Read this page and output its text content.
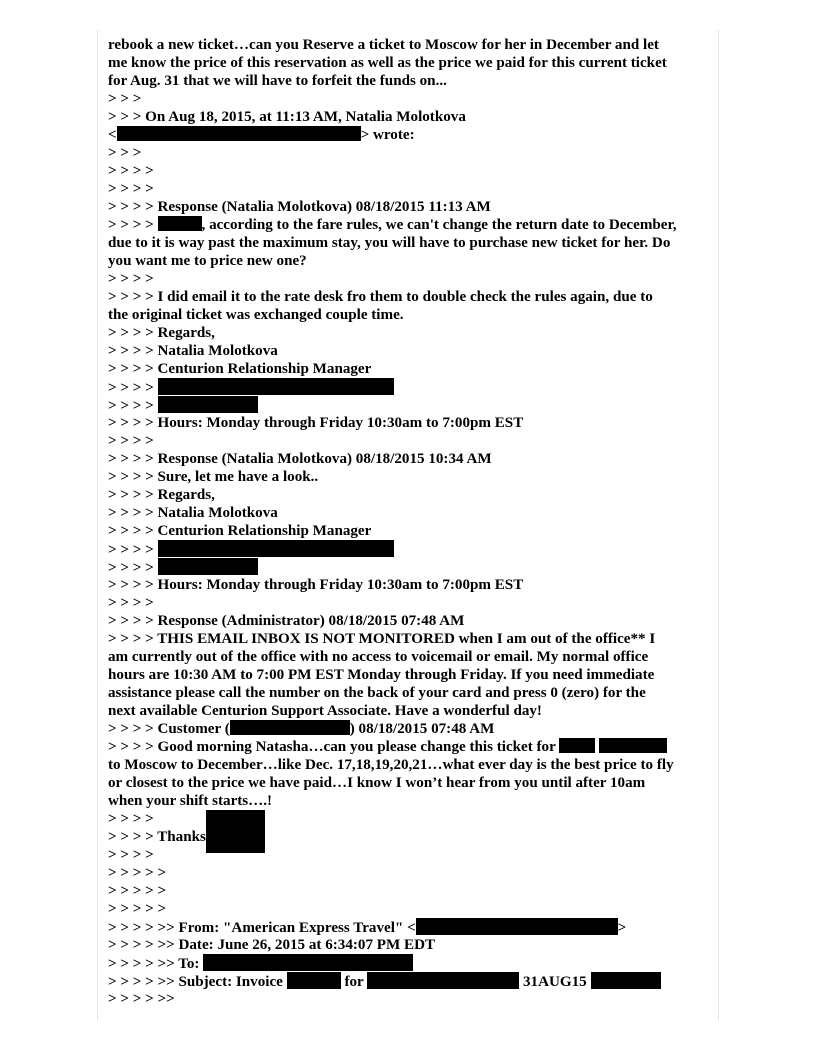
rebook a new ticket…can you Reserve a ticket to Moscow for her in December and let
me know the price of this reservation as well as the price we paid for this current ticket
for Aug. 31 that we will have to forfeit the funds on...
> > >
> > > On Aug 18, 2015, at 11:13 AM, Natalia Molotkova
<	> wrote:
> > >
> > > >
> > > >
> > > > Response (Natalia Molotkova) 08/18/2015 11:13 AM
> > > >	, according to the fare rules, we can't change the return date to December,
due to it is way past the maximum stay, you will have to purchase new ticket for her. Do
you want me to price new one?
> > > >
> > > > I did email it to the rate desk fro them to double check the rules again, due to
the original ticket was exchanged couple time.
> > > > Regards,
> > > > Natalia Molotkova
> > > > Centurion Relationship Manager
> > > >
> > > >
> > > > Hours: Monday through Friday 10:30am to 7:00pm EST
> > > >
> > > > Response (Natalia Molotkova) 08/18/2015 10:34 AM
> > > > Sure, let me have a look..
> > > > Regards,
> > > > Natalia Molotkova
> > > > Centurion Relationship Manager
> > > >
> > > >
> > > > Hours: Monday through Friday 10:30am to 7:00pm EST
> > > >
> > > > Response (Administrator) 08/18/2015 07:48 AM
> > > > THIS EMAIL INBOX IS NOT MONITORED when I am out of the office** I
am currently out of the office with no access to voicemail or email. My normal office
hours are 10:30 AM to 7:00 PM EST Monday through Friday. If you need immediate
assistance please call the number on the back of your card and press 0 (zero) for the
next available Centurion Support Associate. Have a wonderful day!
> > > > Customer (	) 08/18/2015 07:48 AM
> > > > Good morning Natasha…can you please change this ticket for
to Moscow to December…like Dec. 17,18,19,20,21…what ever day is the best price to fly
or closest to the price we have paid…I know I won’t hear from you until after 10am
when your shift starts….!
> > > >
> > > > Thanks
> > > >
> > > > >
> > > > >
> > > > >
> > > > >> From: "American Express Travel" <	>
> > > > >> Date: June 26, 2015 at 6:34:07 PM EDT
> > > > >> To:
> > > > >> Subject: Invoice	for	31AUG15
> > > > >>
